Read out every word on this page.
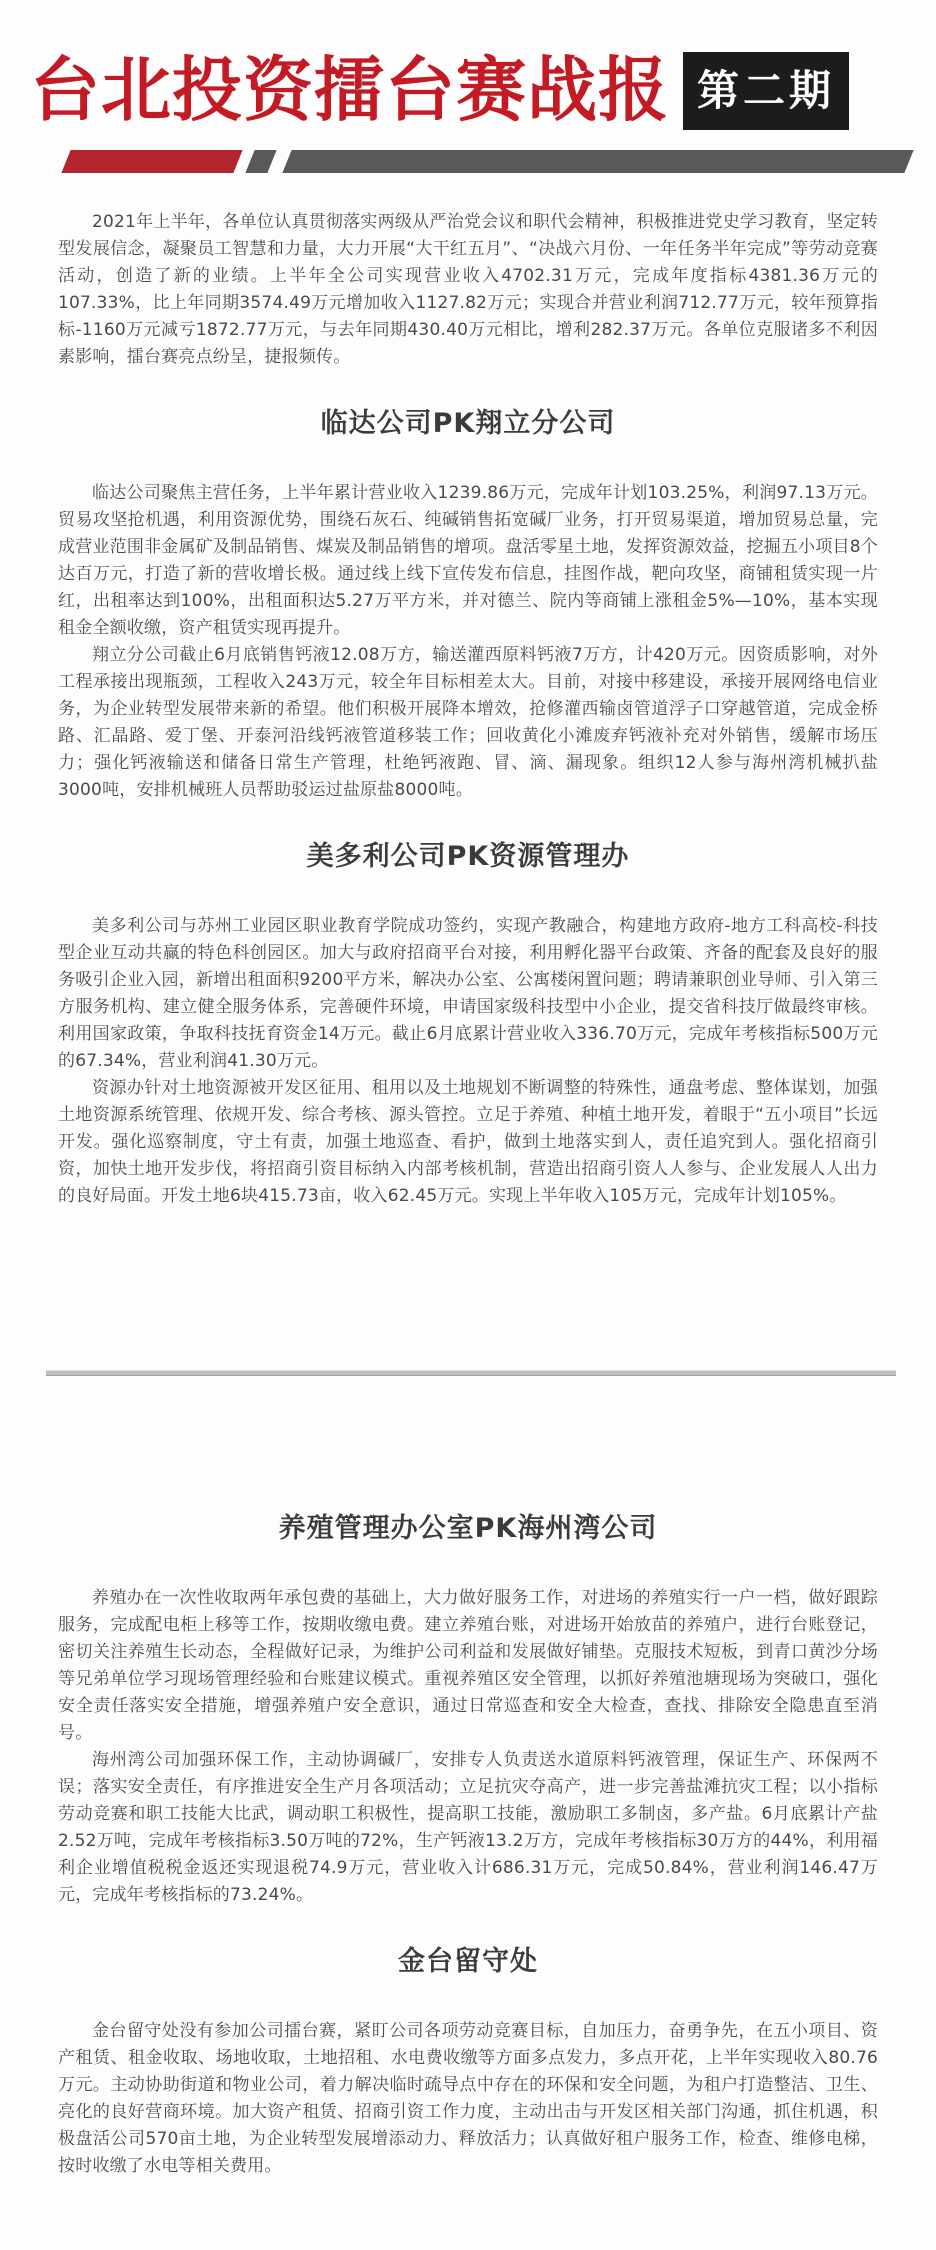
台北投资擂台赛战报 第二期

2021年上半年，各单位认真贯彻落实两级从严治党会议和职代会精神，积极推进党史学习教育，坚定转型发展信念，凝聚员工智慧和力量，大力开展“大干红五月”、“决战六月份、一年任务半年完成”等劳动竞赛活动，创造了新的业绩。上半年全公司实现营业收入4702.31万元，完成年度指标4381.36万元的107.33%，比上年同期3574.49万元增加收入1127.82万元；实现合并营业利润712.77万元，较年预算指标-1160万元减亏1872.77万元，与去年同期430.40万元相比，增利282.37万元。各单位克服诸多不利因素影响，擂台赛亮点纷呈，捷报频传。

临达公司PK翔立分公司

临达公司聚焦主营任务，上半年累计营业收入1239.86万元，完成年计划103.25%，利润97.13万元。贸易攻坚抢机遇，利用资源优势，围绕石灰石、纯碱销售拓宽碱厂业务，打开贸易渠道，增加贸易总量，完成营业范围非金属矿及制品销售、煤炭及制品销售的增项。盘活零星土地，发挥资源效益，挖掘五小项目8个达百万元，打造了新的营收增长极。通过线上线下宣传发布信息，挂图作战，靶向攻坚，商铺租赁实现一片红，出租率达到100%，出租面积达5.27万平方米，并对德兰、院内等商铺上涨租金5%—10%，基本实现租金全额收缴，资产租赁实现再提升。

翔立分公司截止6月底销售钙液12.08万方，输送灌西原料钙液7万方，计420万元。因资质影响，对外工程承接出现瓶颈，工程收入243万元，较全年目标相差太大。目前，对接中移建设，承接开展网络电信业务，为企业转型发展带来新的希望。他们积极开展降本增效，抢修灌西输卤管道浮子口穿越管道，完成金桥路、汇晶路、爱丁堡、开泰河沿线钙液管道移装工作；回收黄化小滩废弃钙液补充对外销售，缓解市场压力；强化钙液输送和储备日常生产管理，杜绝钙液跑、冒、滴、漏现象。组织12人参与海州湾机械扒盐3000吨，安排机械班人员帮助驳运过盐原盐8000吨。

美多利公司PK资源管理办

美多利公司与苏州工业园区职业教育学院成功签约，实现产教融合，构建地方政府-地方工科高校-科技型企业互动共赢的特色科创园区。加大与政府招商平台对接，利用孵化器平台政策、齐备的配套及良好的服务吸引企业入园，新增出租面积9200平方米，解决办公室、公寓楼闲置问题；聘请兼职创业导师、引入第三方服务机构、建立健全服务体系，完善硬件环境，申请国家级科技型中小企业，提交省科技厅做最终审核。利用国家政策，争取科技抚育资金14万元。截止6月底累计营业收入336.70万元，完成年考核指标500万元的67.34%，营业利润41.30万元。

资源办针对土地资源被开发区征用、租用以及土地规划不断调整的特殊性，通盘考虑、整体谋划，加强土地资源系统管理、依规开发、综合考核、源头管控。立足于养殖、种植土地开发，着眼于“五小项目”长远开发。强化巡察制度，守土有责，加强土地巡查、看护，做到土地落实到人，责任追究到人。强化招商引资，加快土地开发步伐，将招商引资目标纳入内部考核机制，营造出招商引资人人参与、企业发展人人出力的良好局面。开发土地6块415.73亩，收入62.45万元。实现上半年收入105万元，完成年计划105%。

养殖管理办公室PK海州湾公司

养殖办在一次性收取两年承包费的基础上，大力做好服务工作，对进场的养殖实行一户一档，做好跟踪服务，完成配电柜上移等工作，按期收缴电费。建立养殖台账，对进场开始放苗的养殖户，进行台账登记，密切关注养殖生长动态，全程做好记录，为维护公司利益和发展做好铺垫。克服技术短板，到青口黄沙分场等兄弟单位学习现场管理经验和台账建议模式。重视养殖区安全管理，以抓好养殖池塘现场为突破口，强化安全责任落实安全措施，增强养殖户安全意识，通过日常巡查和安全大检查，查找、排除安全隐患直至消号。

海州湾公司加强环保工作，主动协调碱厂，安排专人负责送水道原料钙液管理，保证生产、环保两不误；落实安全责任，有序推进安全生产月各项活动；立足抗灾夺高产，进一步完善盐滩抗灾工程；以小指标劳动竞赛和职工技能大比武，调动职工积极性，提高职工技能，激励职工多制卤，多产盐。6月底累计产盐2.52万吨，完成年考核指标3.50万吨的72%，生产钙液13.2万方，完成年考核指标30万方的44%，利用福利企业增值税税金返还实现退税74.9万元，营业收入计686.31万元，完成50.84%，营业利润146.47万元，完成年考核指标的73.24%。

金台留守处

金台留守处没有参加公司擂台赛，紧盯公司各项劳动竞赛目标，自加压力，奋勇争先，在五小项目、资产租赁、租金收取、场地收取，土地招租、水电费收缴等方面多点发力，多点开花，上半年实现收入80.76万元。主动协助街道和物业公司，着力解决临时疏导点中存在的环保和安全问题，为租户打造整洁、卫生、亮化的良好营商环境。加大资产租赁、招商引资工作力度，主动出击与开发区相关部门沟通，抓住机遇，积极盘活公司570亩土地，为企业转型发展增添动力、释放活力；认真做好租户服务工作，检查、维修电梯，按时收缴了水电等相关费用。
